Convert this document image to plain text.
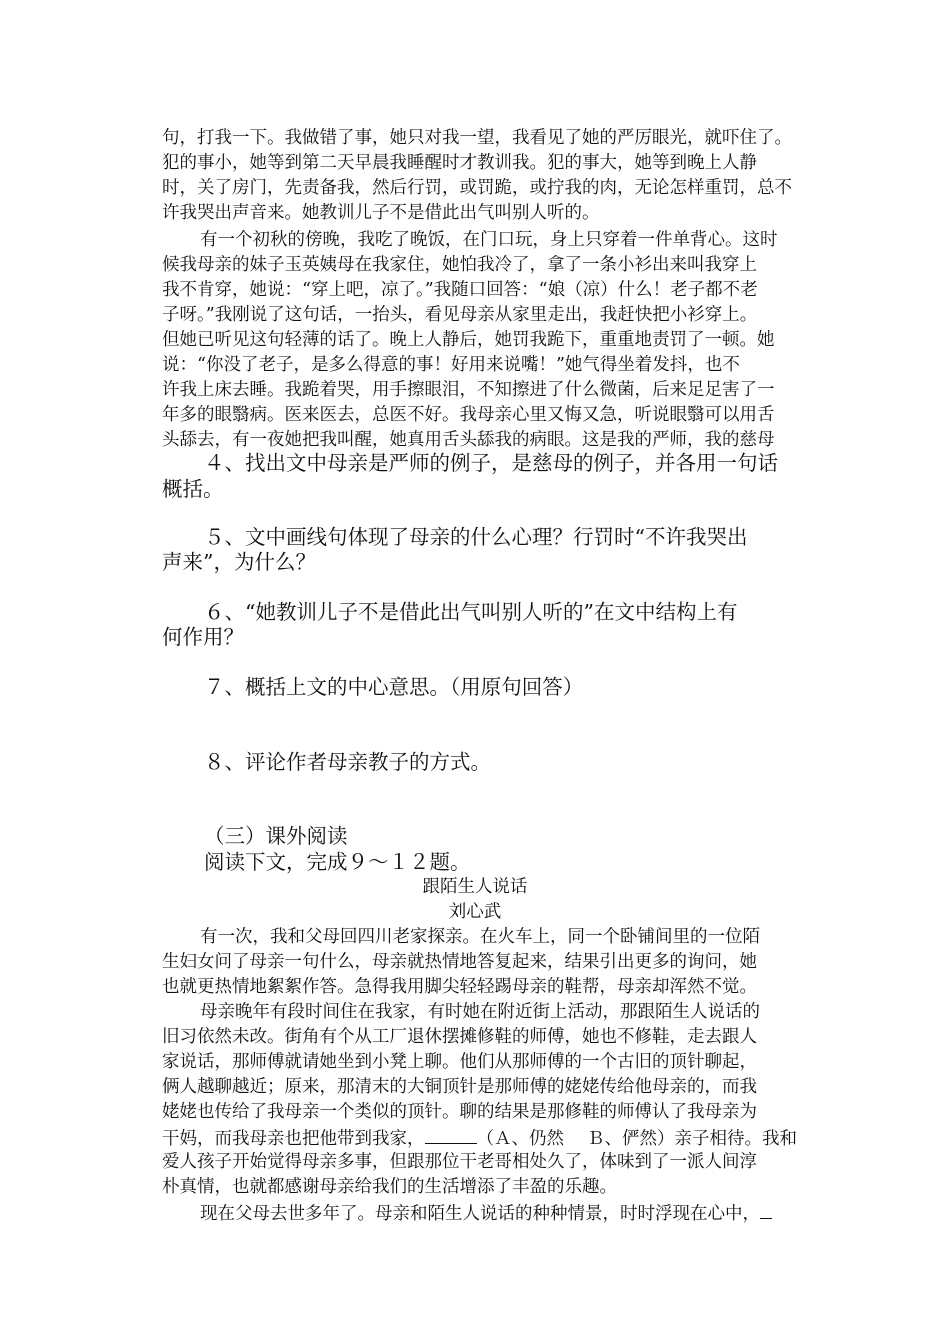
句，打我一下。我做错了事，她只对我一望，我看见了她的严厉眼光，就吓住了。
犯的事小，她等到第二天早晨我睡醒时才教训我。犯的事大，她等到晚上人静
时，关了房门，先责备我，然后行罚，或罚跪，或拧我的肉，无论怎样重罚，总不
许我哭出声音来。她教训儿子不是借此出气叫别人听的。
有一个初秋的傍晚，我吃了晚饭，在门口玩，身上只穿着一件单背心。这时
候我母亲的妹子玉英姨母在我家住，她怕我冷了，拿了一条小衫出来叫我穿上
我不肯穿，她说：“穿上吧，凉了。”我随口回答：“娘（凉）什么！老子都不老
子呀。”我刚说了这句话，一抬头，看见母亲从家里走出，我赶快把小衫穿上。
但她已听见这句轻薄的话了。晚上人静后，她罚我跪下，重重地责罚了一顿。她
说：“你没了老子，是多么得意的事！好用来说嘴！”她气得坐着发抖，也不
许我上床去睡。我跪着哭，用手擦眼泪，不知擦进了什么微菌，后来足足害了一
年多的眼翳病。医来医去，总医不好。我母亲心里又悔又急，听说眼翳可以用舌
头舔去，有一夜她把我叫醒，她真用舌头舔我的病眼。这是我的严师，我的慈母
４、找出文中母亲是严师的例子，是慈母的例子，并各用一句话
概括。
５、文中画线句体现了母亲的什么心理？行罚时“不许我哭出
声来”，为什么？
６、“她教训儿子不是借此出气叫别人听的”在文中结构上有
何作用？
７、概括上文的中心意思。（用原句回答）
８、评论作者母亲教子的方式。
（三）课外阅读
阅读下文，完成９～１２题。
跟陌生人说话
刘心武
有一次，我和父母回四川老家探亲。在火车上，同一个卧铺间里的一位陌
生妇女问了母亲一句什么，母亲就热情地答复起来，结果引出更多的询问，她
也就更热情地絮絮作答。急得我用脚尖轻轻踢母亲的鞋帮，母亲却浑然不觉。
母亲晚年有段时间住在我家，有时她在附近街上活动，那跟陌生人说话的
旧习依然未改。街角有个从工厂退休摆摊修鞋的师傅，她也不修鞋，走去跟人
家说话，那师傅就请她坐到小凳上聊。他们从那师傅的一个古旧的顶针聊起，
俩人越聊越近；原来，那清末的大铜顶针是那师傅的姥姥传给他母亲的，而我
姥姥也传给了我母亲一个类似的顶针。聊的结果是那修鞋的师傅认了我母亲为
干妈，而我母亲也把他带到我家，	（Ａ、仍然　 Ｂ、俨然）亲子相待。我和
爱人孩子开始觉得母亲多事，但跟那位干老哥相处久了，体味到了一派人间淳
朴真情，也就都感谢母亲给我们的生活增添了丰盈的乐趣。
现在父母去世多年了。母亲和陌生人说话的种种情景，时时浮现在心中，
